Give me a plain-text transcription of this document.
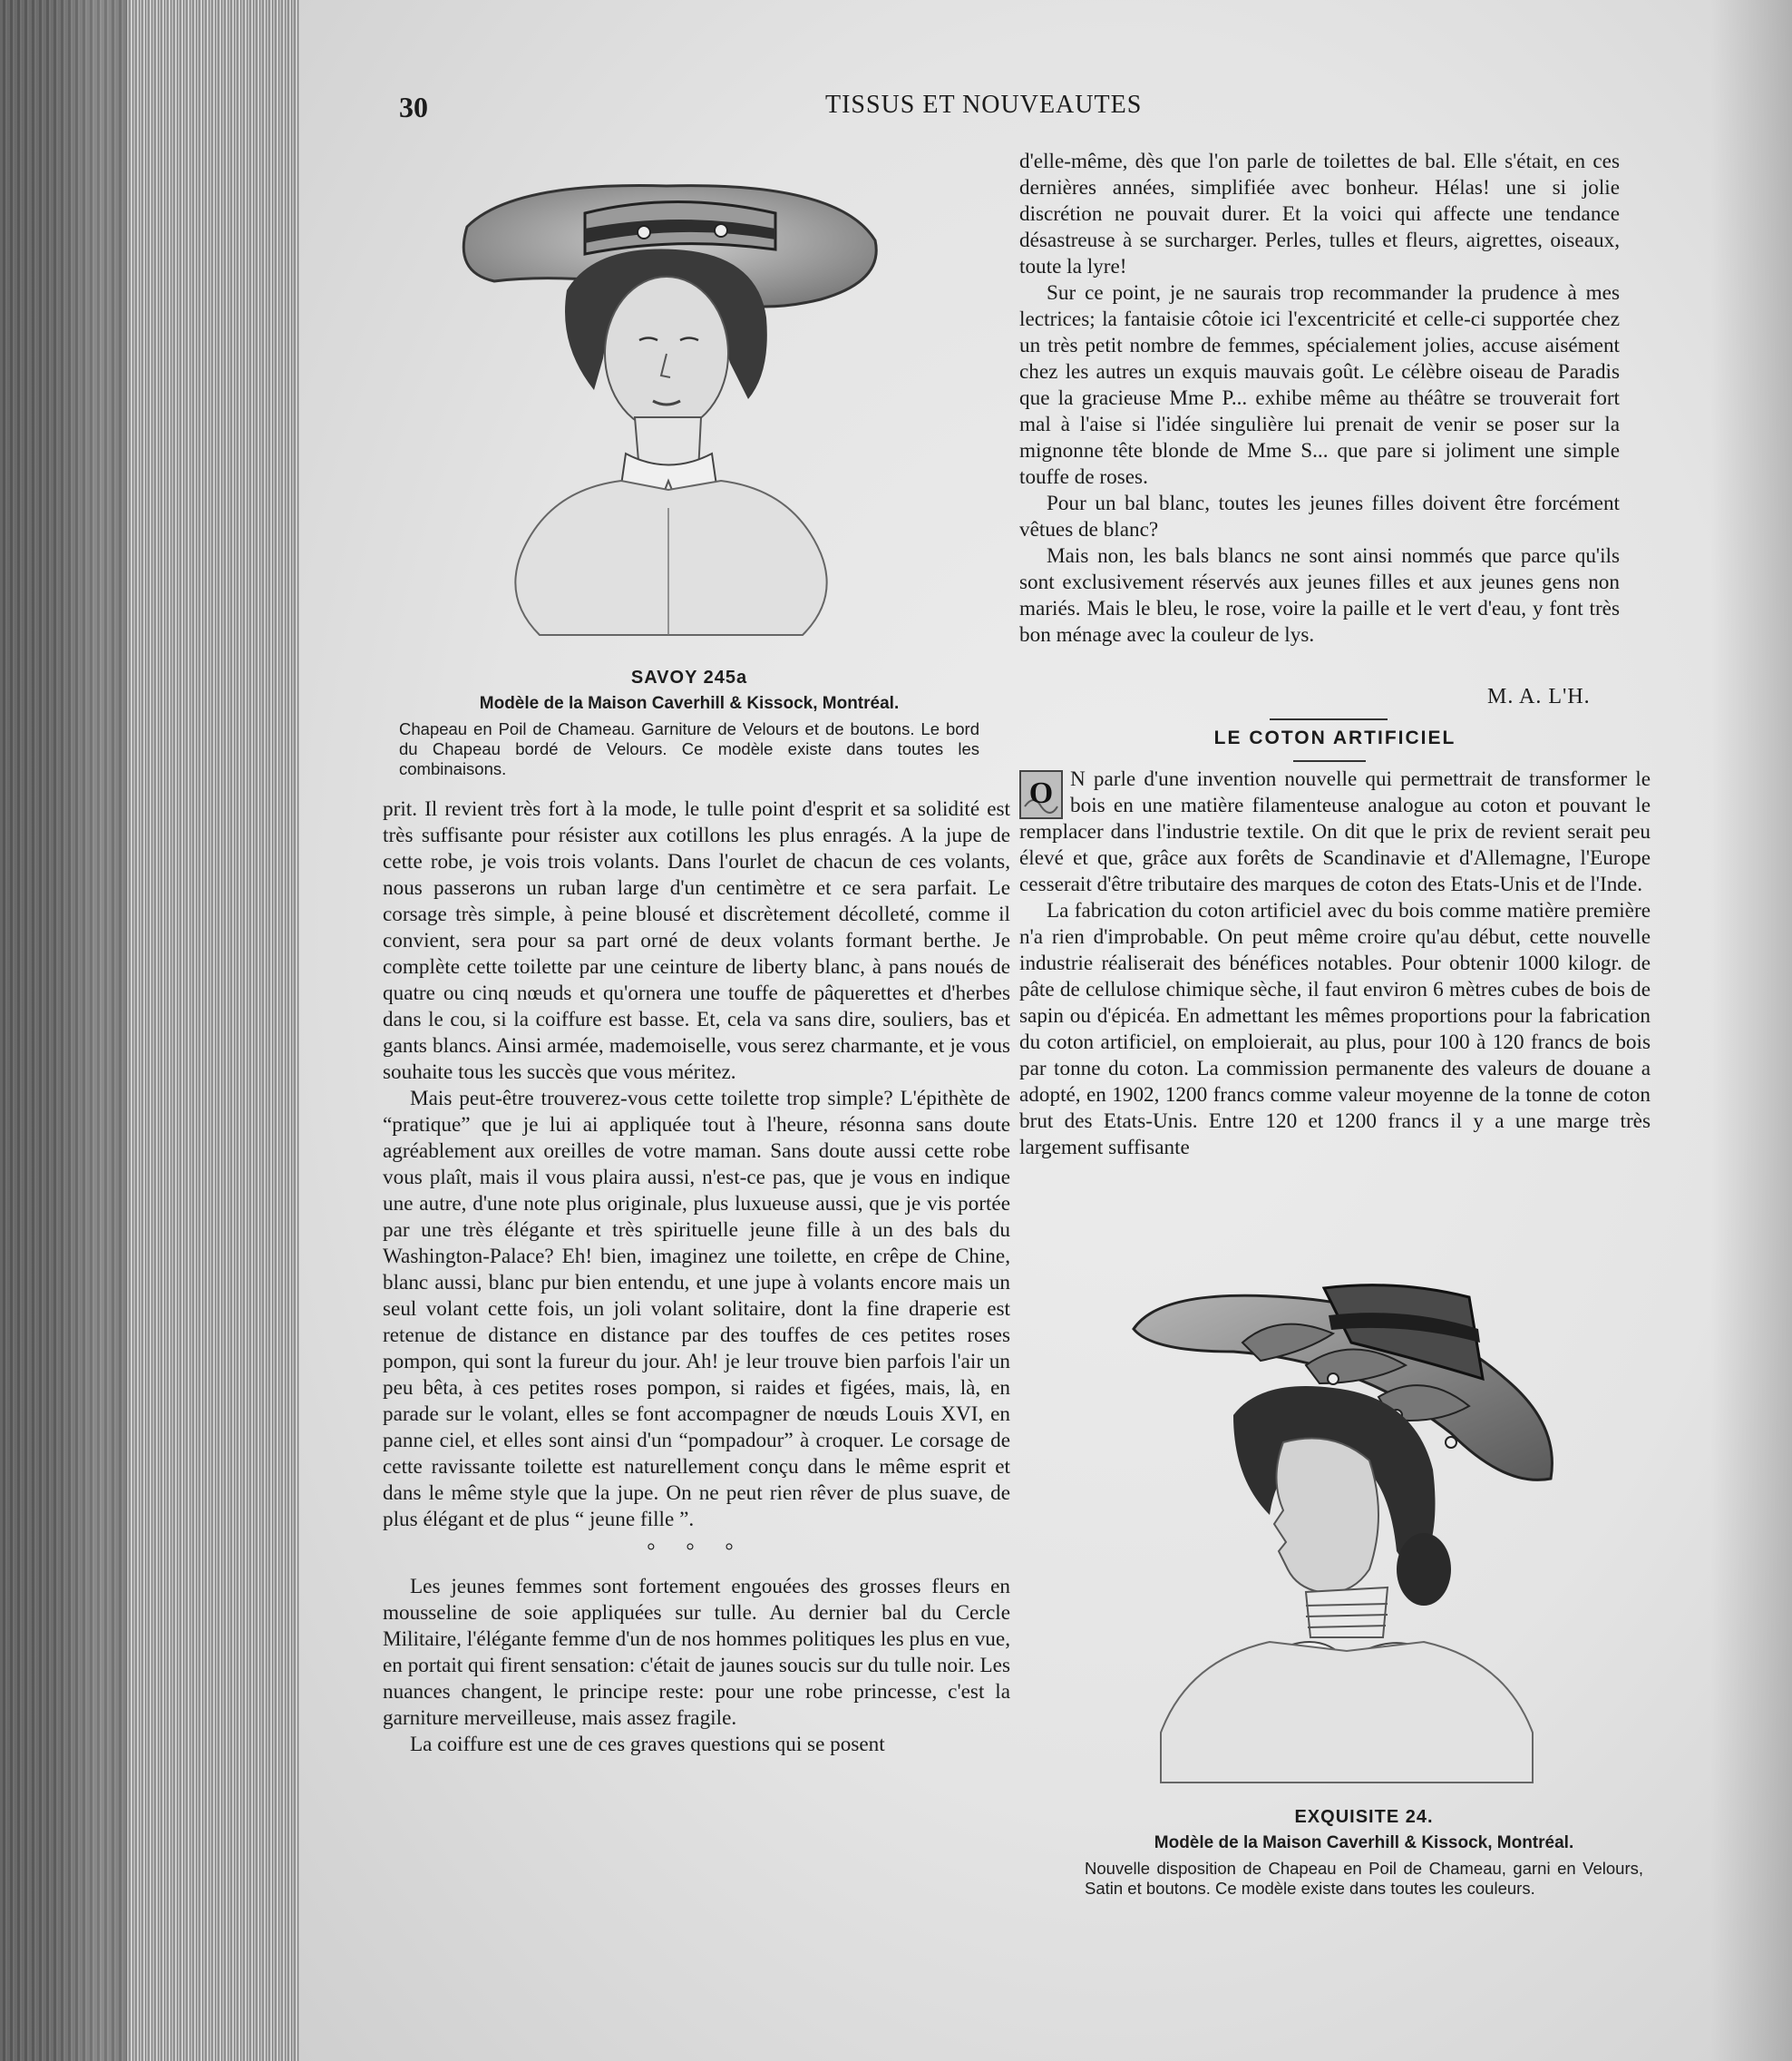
30	TISSUS ET NOUVEAUTES
SAVOY 245a
Modèle de la Maison Caverhill & Kissock, Montréal.
Chapeau en Poil de Chameau. Garniture de Velours et de boutons. Le bord du Chapeau bordé de Velours. Ce modèle existe dans toutes les combinaisons.

prit. Il revient très fort à la mode, le tulle point d'esprit et sa solidité est très suffisante pour résister aux cotillons les plus enragés. A la jupe de cette robe, je vois trois volants. Dans l'ourlet de chacun de ces volants, nous passerons un ruban large d'un centimètre et ce sera parfait. Le corsage très simple, à peine blousé et discrètement décolleté, comme il convient, sera pour sa part orné de deux volants formant berthe. Je complète cette toilette par une ceinture de liberty blanc, à pans noués de quatre ou cinq nœuds et qu'ornera une touffe de pâquerettes et d'herbes dans le cou, si la coiffure est basse. Et, cela va sans dire, souliers, bas et gants blancs. Ainsi armée, mademoiselle, vous serez charmante, et je vous souhaite tous les succès que vous méritez.

Mais peut-être trouverez-vous cette toilette trop simple? L'épithète de “pratique” que je lui ai appliquée tout à l'heure, résonna sans doute agréablement aux oreilles de votre maman. Sans doute aussi cette robe vous plaît, mais il vous plaira aussi, n'est-ce pas, que je vous en indique une autre, d'une note plus originale, plus luxueuse aussi, que je vis portée par une très élégante et très spirituelle jeune fille à un des bals du Washington-Palace? Eh! bien, imaginez une toilette, en crêpe de Chine, blanc aussi, blanc pur bien entendu, et une jupe à volants encore mais un seul volant cette fois, un joli volant solitaire, dont la fine draperie est retenue de distance en distance par des touffes de ces petites roses pompon, qui sont la fureur du jour. Ah! je leur trouve bien parfois l'air un peu bêta, à ces petites roses pompon, si raides et figées, mais, là, en parade sur le volant, elles se font accompagner de nœuds Louis XVI, en panne ciel, et elles sont ainsi d'un “pompadour” à croquer. Le corsage de cette ravissante toilette est naturellement conçu dans le même esprit et dans le même style que la jupe. On ne peut rien rêver de plus suave, de plus élégant et de plus “ jeune fille ”.

° ° °

Les jeunes femmes sont fortement engouées des grosses fleurs en mousseline de soie appliquées sur tulle. Au dernier bal du Cercle Militaire, l'élégante femme d'un de nos hommes politiques les plus en vue, en portait qui firent sensation: c'était de jaunes soucis sur du tulle noir. Les nuances changent, le principe reste: pour une robe princesse, c'est la garniture merveilleuse, mais assez fragile.

La coiffure est une de ces graves questions qui se posent

d'elle-même, dès que l'on parle de toilettes de bal. Elle s'était, en ces dernières années, simplifiée avec bonheur. Hélas! une si jolie discrétion ne pouvait durer. Et la voici qui affecte une tendance désastreuse à se surcharger. Perles, tulles et fleurs, aigrettes, oiseaux, toute la lyre!

Sur ce point, je ne saurais trop recommander la prudence à mes lectrices; la fantaisie côtoie ici l'excentricité et celle-ci supportée chez un très petit nombre de femmes, spécialement jolies, accuse aisément chez les autres un exquis mauvais goût. Le célèbre oiseau de Paradis que la gracieuse Mme P... exhibe même au théâtre se trouverait fort mal à l'aise si l'idée singulière lui prenait de venir se poser sur la mignonne tête blonde de Mme S... que pare si joliment une simple touffe de roses.

Pour un bal blanc, toutes les jeunes filles doivent être forcément vêtues de blanc?

Mais non, les bals blancs ne sont ainsi nommés que parce qu'ils sont exclusivement réservés aux jeunes filles et aux jeunes gens non mariés. Mais le bleu, le rose, voire la paille et le vert d'eau, y font très bon ménage avec la couleur de lys.

M. A. L'H.
LE COTON ARTIFICIEL

O N parle d'une invention nouvelle qui permettrait de transformer le bois en une matière filamenteuse analogue au coton et pouvant le remplacer dans l'industrie textile. On dit que le prix de revient serait peu élevé et que, grâce aux forêts de Scandinavie et d'Allemagne, l'Europe cesserait d'être tributaire des marques de coton des Etats-Unis et de l'Inde.

La fabrication du coton artificiel avec du bois comme matière première n'a rien d'improbable. On peut même croire qu'au début, cette nouvelle industrie réaliserait des bénéfices notables. Pour obtenir 1000 kilogr. de pâte de cellulose chimique sèche, il faut environ 6 mètres cubes de bois de sapin ou d'épicéa. En admettant les mêmes proportions pour la fabrication du coton artificiel, on emploierait, au plus, pour 100 à 120 francs de bois par tonne du coton. La commission permanente des valeurs de douane a adopté, en 1902, 1200 francs comme valeur moyenne de la tonne de coton brut des Etats-Unis. Entre 120 et 1200 francs il y a une marge très largement suffisante

EXQUISITE 24.
Modèle de la Maison Caverhill & Kissock, Montréal.
Nouvelle disposition de Chapeau en Poil de Chameau, garni en Velours, Satin et boutons. Ce modèle existe dans toutes les couleurs.
